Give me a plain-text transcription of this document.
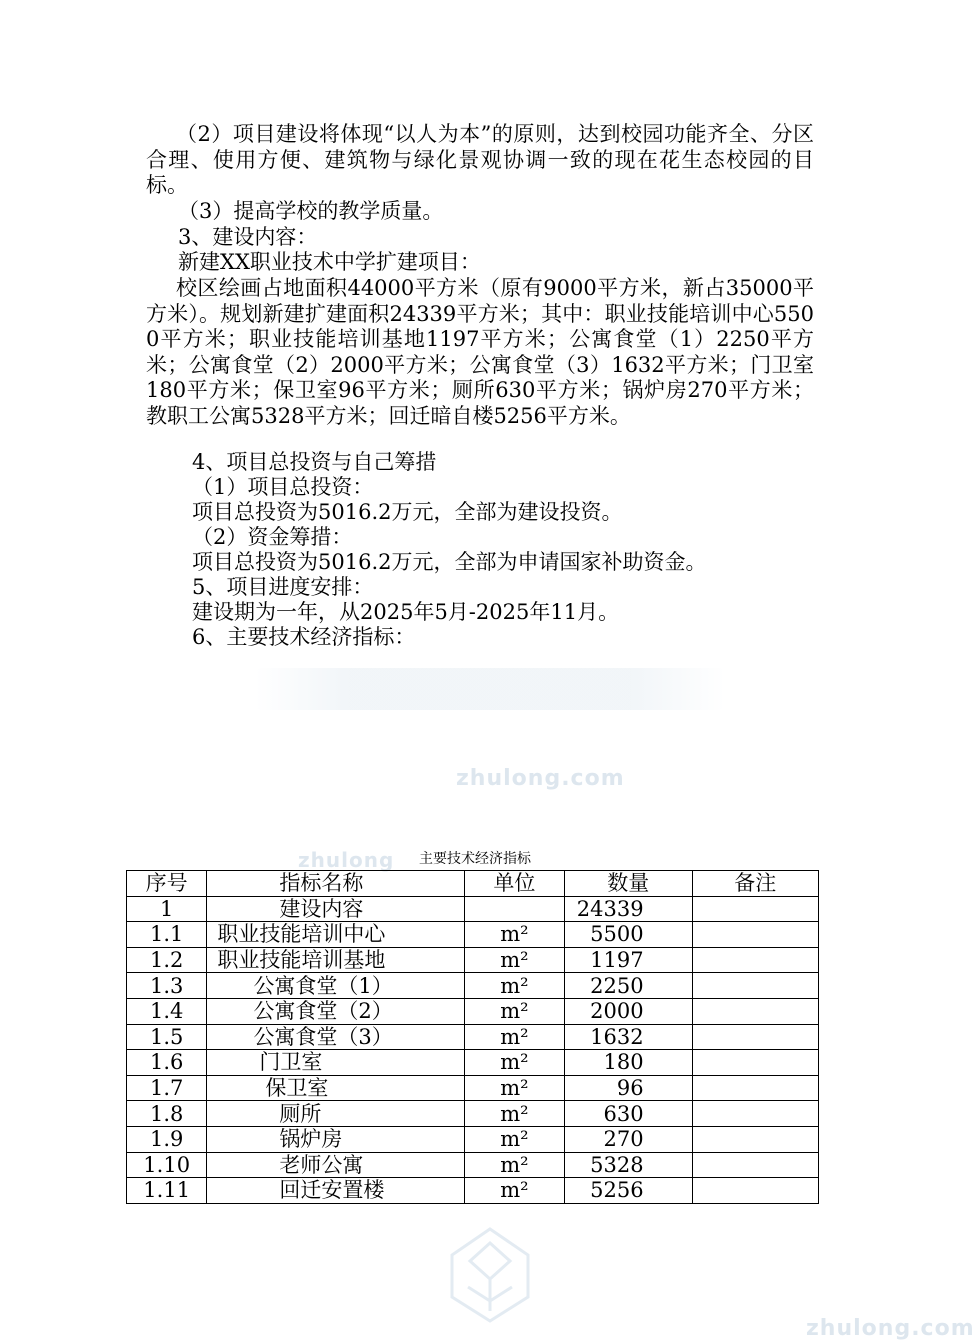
（2）项目建设将体现“以人为本”的原则，达到校园功能齐全、分区合理、使用方便、建筑物与绿化景观协调一致的现在花生态校园的目标。
（3）提高学校的教学质量。
3、建设内容：
新建XX职业技术中学扩建项目：
校区绘画占地面积44000平方米（原有9000平方米，新占35000平方米）。规划新建扩建面积24339平方米；其中：职业技能培训中心5500平方米；职业技能培训基地1197平方米；公寓食堂（1）2250平方米；公寓食堂（2）2000平方米；公寓食堂（3）1632平方米；门卫室180平方米；保卫室96平方米；厕所630平方米；锅炉房270平方米；教职工公寓5328平方米；回迁暗自楼5256平方米。
4、项目总投资与自己筹措
（1）项目总投资：
项目总投资为5016.2万元，全部为建设投资。
（2）资金筹措：
项目总投资为5016.2万元，全部为申请国家补助资金。
5、项目进度安排：
建设期为一年，从2025年5月-2025年11月。
6、主要技术经济指标：
zhulong.com
zhulong
zhulong.com
主要技术经济指标
序号	指标名称	单位	数量	备注
1	建设内容		24339	
1.1	职业技能培训中心	m²	5500	
1.2	职业技能培训基地	m²	1197	
1.3	公寓食堂（1）	m²	2250	
1.4	公寓食堂（2）	m²	2000	
1.5	公寓食堂（3）	m²	1632	
1.6	门卫室	m²	180	
1.7	保卫室	m²	96	
1.8	厕所	m²	630	
1.9	锅炉房	m²	270	
1.10	老师公寓	m²	5328	
1.11	回迁安置楼	m²	5256	
